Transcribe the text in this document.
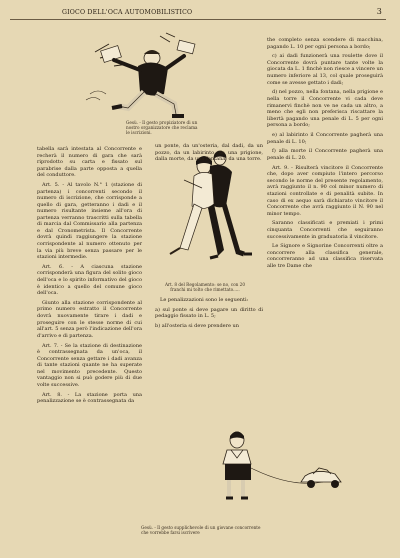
GIOCO DELL'OCA AUTOMOBILISTICO	3
Gesù. - Il gesto propiziatore di un nostro organizzatore che reclama le iscrizioni.
Art. 8 del Regolamento: se no, con 20 franchi mi tolto che rimettato.....
Gesù. - Il gesto supplichevole di un giovane concorrente che vorrebbe farsi iscrivere

tabella sarà intestata al Concorrente e recherà il numero di gara che sarà riprodotto su carta e fissato sul parabrise dalla parte opposta a quella del conduttore.

Art. 5. - Al tavolo N.° 1 (stazione di partenza) i concorrenti secondo il numero di iscrizione, che corrisponde a quello di gara, getteranno i dadi e il numero risultante insieme all'ora di partenza verranno trascritti sulla tabella di marcia dal Commissario alla partenza e dal Cronometrista. Il Concorrente dovrà quindi raggiungere la stazione corrispondente al numero ottenuto per la via più breve senza passare per le stazioni intermedie.

Art. 6. - A ciascuna stazione corrisponderà una figura del solito gioco dell'oca e lo spirito informativo del gioco è identico a quello del comune gioco dell'oca.

Giunto alla stazione corrispondente al primo numero estratto il Concorrente dovrà nuovamente tirare i dadi e proseguire con le stesse norme di cui all'art. 5 senza però l'indicazione dell'ora d'arrivo e di partenza.

Art. 7. - Se la stazione di destinazione è contrassegnata da un'oca, il Concorrente senza gettare i dadi avanza di tante stazioni quante ne ha superate nel movimento precedente. Questo vantaggio non si può godere più di due volte successive.

Art. 8. - La stazione porta una penalizzazione se è contrassegnata da

un ponte, da un'osteria, dal dadi, da un pozzo, da un labirinto, da una prigione, dalla morte, da una fontana, da una torre.

Le penalizzazioni sono le seguenti:

a) sul ponte si deve pagare un diritto di pedaggio fissato in L. 5;

b) all'osteria si deve prendere un

the completo senza scendere di macchina, pagando L. 10 per ogni persona a bordo;

c) ai dadi funzionerà una roulette dove il Concorrente dovrà puntare tante volte la giocata da L. 1 finchè non riesce a vincere un numero inferiore al 13, col quale proseguirà come se avesse gettato i dadi;

d) nel pozzo, nella fontana, nella prigione e nella torre il Concorrente vi cada deve rimanervi finchè non ve ne cada un altro, a meno che egli non preferisca riscattare la libertà pagando una penale di L. 5 per ogni persona a bordo;

e) al labirinto il Concorrente pagherà una penale di L. 10;

f) alla morte il Concorrente pagherà una penale di L. 20.

Art. 9. - Risulterà vincitore il Concorrente che, dopo aver compiuto l'intero percorso secondo le norme del presente regolamento, avrà raggiunto il n. 90 col minor numero di stazioni controllate e di penalità subite. In caso di ex aequo sarà dichiarato vincitore il Concorrente che avrà raggiunto il N. 90 nel minor tempo.

Saranno classificati e premiati i primi cinquanta Concorrenti che seguiranno successivamente in graduatoria il vincitore.

Le Signore e Signorine Concorrenti oltre a concorrere alla classifica generale, concorreranno ad una classifica riservata alle tre Dame che
